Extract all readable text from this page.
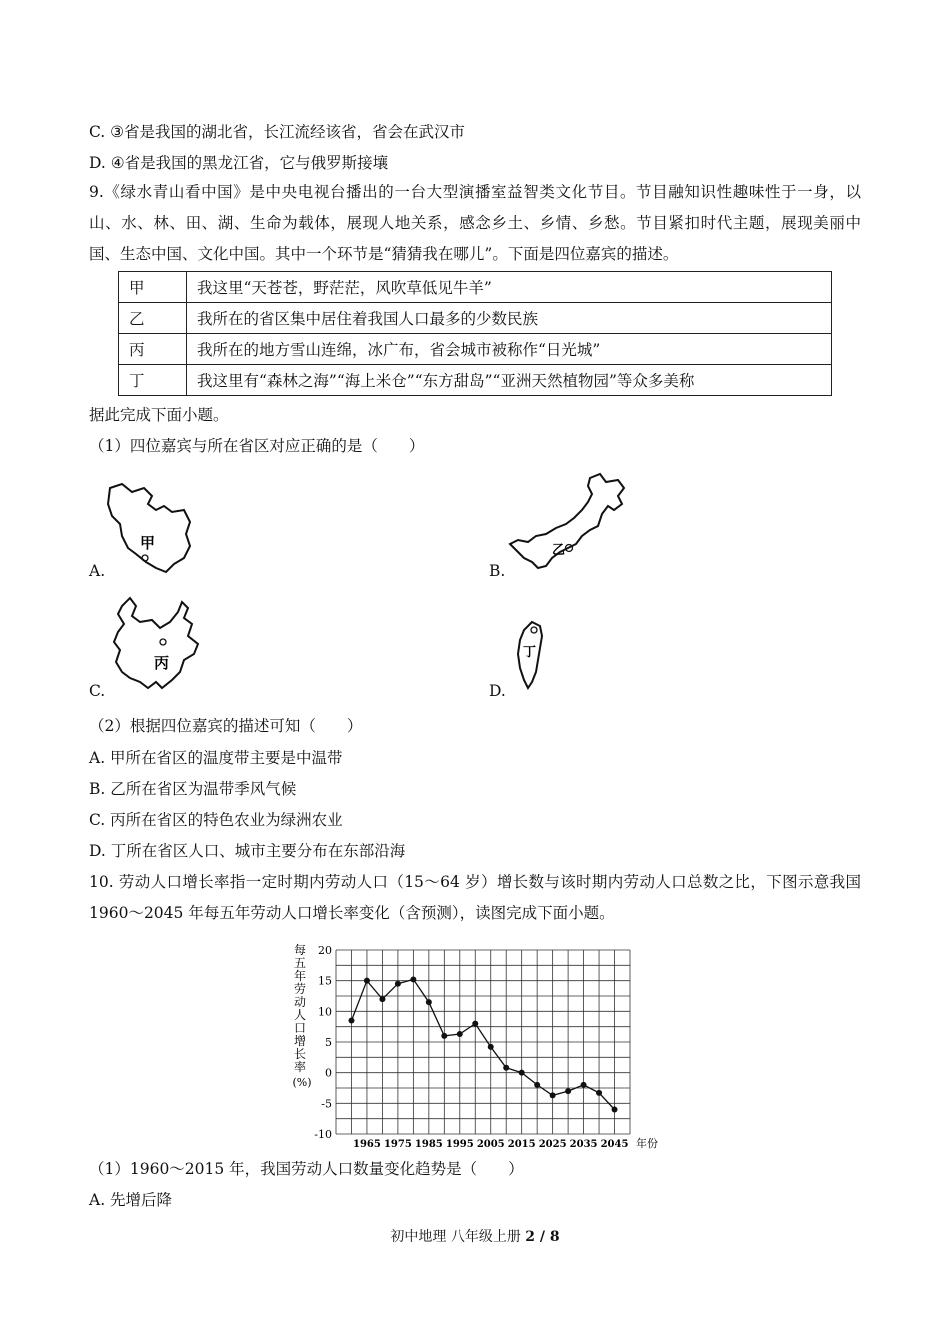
C. ③省是我国的湖北省，长江流经该省，省会在武汉市
D. ④省是我国的黑龙江省，它与俄罗斯接壤
9.《绿水青山看中国》是中央电视台播出的一台大型演播室益智类文化节目。节目融知识性趣味性于一身，以山、水、林、田、湖、生命为载体，展现人地关系，感念乡土、乡情、乡愁。节目紧扣时代主题，展现美丽中国、生态中国、文化中国。其中一个环节是“猜猜我在哪儿”。下面是四位嘉宾的描述。
甲	我这里“天苍苍，野茫茫，风吹草低见牛羊”
乙	我所在的省区集中居住着我国人口最多的少数民族
丙	我所在的地方雪山连绵，冰广布，省会城市被称作“日光城”
丁	我这里有“森林之海”“海上米仓”“东方甜岛”“亚洲天然植物园”等众多美称
据此完成下面小题。
（1）四位嘉宾与所在省区对应正确的是（　　）
甲
A.
乙
B.
丙
C.
丁
D.
（2）根据四位嘉宾的描述可知（　　）
A. 甲所在省区的温度带主要是中温带
B. 乙所在省区为温带季风气候
C. 丙所在省区的特色农业为绿洲农业
D. 丁所在省区人口、城市主要分布在东部沿海
10. 劳动人口增长率指一定时期内劳动人口（15～64 岁）增长数与该时期内劳动人口总数之比，下图示意我国 1960～2045 年每五年劳动人口增长率变化（含预测），读图完成下面小题。
每
五
年
劳
动
人
口
增
长
率
(%)
20
15
10
5
0
-5
-10
1965 1975 1985 1995 2005 2015 2025 2035 2045 年份
（1）1960～2015 年，我国劳动人口数量变化趋势是（　　）
A. 先增后降
初中地理 八年级上册 2 / 8
